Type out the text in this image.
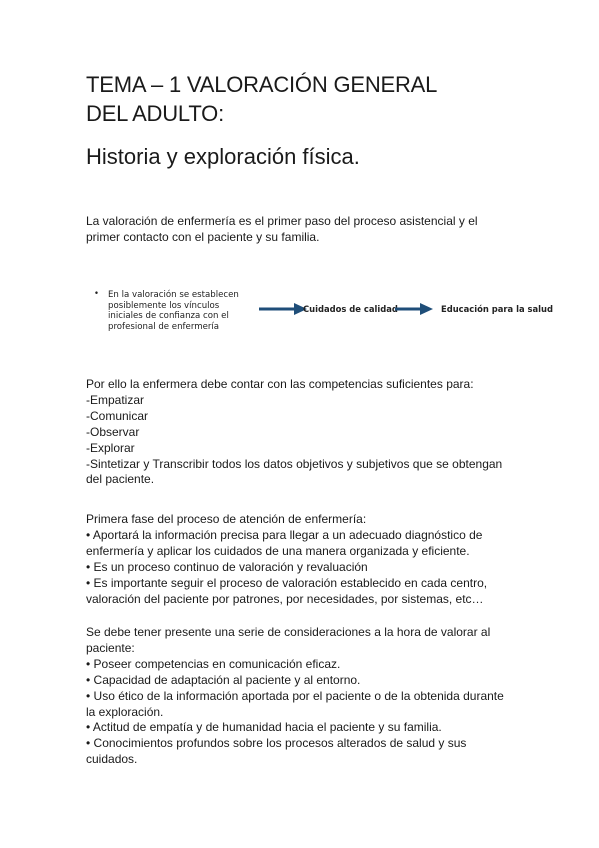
TEMA – 1 VALORACIÓN GENERAL
DEL ADULTO:
Historia y exploración física.
La valoración de enfermería es el primer paso del proceso asistencial y el
primer contacto con el paciente y su familia.
• En la valoración se establecen
posiblemente los vínculos
iniciales de confianza con el
profesional de enfermería
Cuidados de calidad	Educación para la salud
Por ello la enfermera debe contar con las competencias suficientes para:
-Empatizar
-Comunicar
-Observar
-Explorar
-Sintetizar y Transcribir todos los datos objetivos y subjetivos que se obtengan
del paciente.
Primera fase del proceso de atención de enfermería:
• Aportará la información precisa para llegar a un adecuado diagnóstico de
enfermería y aplicar los cuidados de una manera organizada y eficiente.
• Es un proceso continuo de valoración y revaluación
• Es importante seguir el proceso de valoración establecido en cada centro,
valoración del paciente por patrones, por necesidades, por sistemas, etc…
Se debe tener presente una serie de consideraciones a la hora de valorar al
paciente:
• Poseer competencias en comunicación eficaz.
• Capacidad de adaptación al paciente y al entorno.
• Uso ético de la información aportada por el paciente o de la obtenida durante
la exploración.
• Actitud de empatía y de humanidad hacia el paciente y su familia.
• Conocimientos profundos sobre los procesos alterados de salud y sus
cuidados.
